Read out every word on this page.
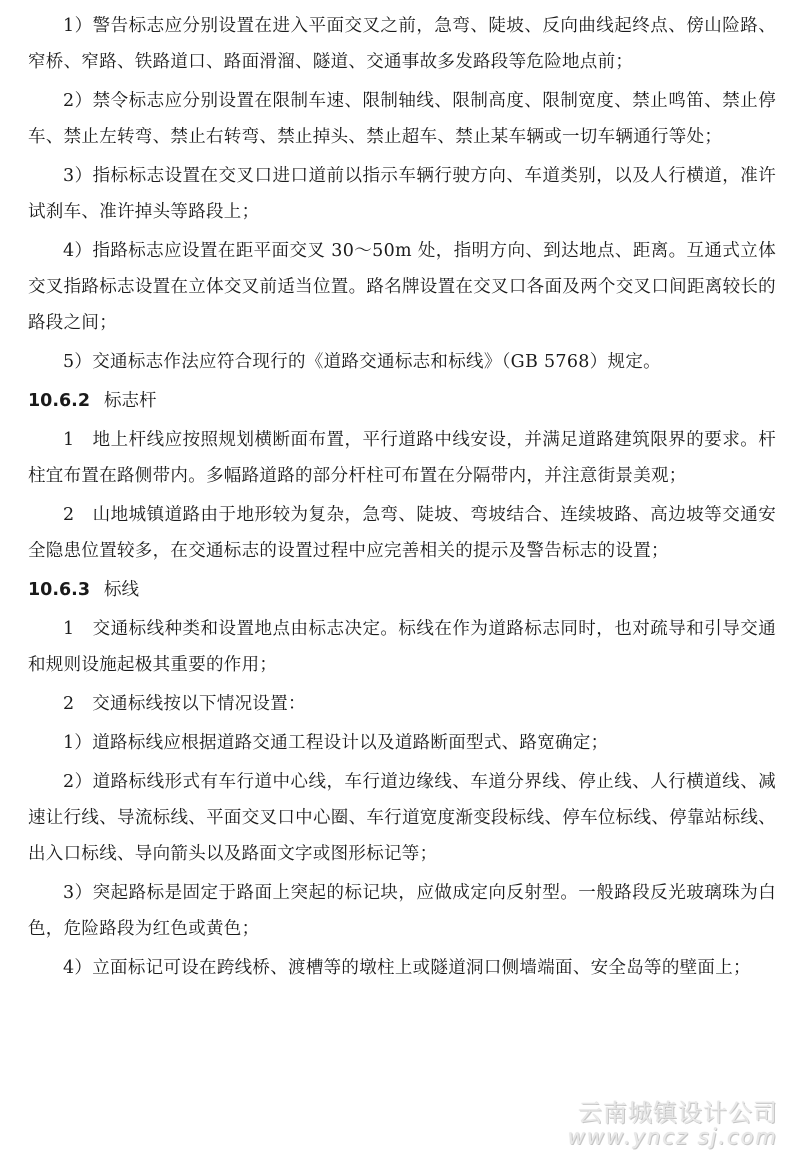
1）警告标志应分别设置在进入平面交叉之前，急弯、陡坡、反向曲线起终点、傍山险路、窄桥、窄路、铁路道口、路面滑溜、隧道、交通事故多发路段等危险地点前；

2）禁令标志应分别设置在限制车速、限制轴线、限制高度、限制宽度、禁止鸣笛、禁止停车、禁止左转弯、禁止右转弯、禁止掉头、禁止超车、禁止某车辆或一切车辆通行等处；

3）指标标志设置在交叉口进口道前以指示车辆行驶方向、车道类别，以及人行横道，准许试刹车、准许掉头等路段上；

4）指路标志应设置在距平面交叉 30～50m 处，指明方向、到达地点、距离。互通式立体交叉指路标志设置在立体交叉前适当位置。路名牌设置在交叉口各面及两个交叉口间距离较长的路段之间；

5）交通标志作法应符合现行的《道路交通标志和标线》（GB 5768）规定。

10.6.2 标志杆

1　地上杆线应按照规划横断面布置，平行道路中线安设，并满足道路建筑限界的要求。杆柱宜布置在路侧带内。多幅路道路的部分杆柱可布置在分隔带内，并注意街景美观；

2　山地城镇道路由于地形较为复杂，急弯、陡坡、弯坡结合、连续坡路、高边坡等交通安全隐患位置较多，在交通标志的设置过程中应完善相关的提示及警告标志的设置；

10.6.3 标线

1　交通标线种类和设置地点由标志决定。标线在作为道路标志同时，也对疏导和引导交通和规则设施起极其重要的作用；

2　交通标线按以下情况设置：

1）道路标线应根据道路交通工程设计以及道路断面型式、路宽确定；

2）道路标线形式有车行道中心线，车行道边缘线、车道分界线、停止线、人行横道线、减速让行线、导流标线、平面交叉口中心圈、车行道宽度渐变段标线、停车位标线、停靠站标线、出入口标线、导向箭头以及路面文字或图形标记等；

3）突起路标是固定于路面上突起的标记块，应做成定向反射型。一般路段反光玻璃珠为白色，危险路段为红色或黄色；

4）立面标记可设在跨线桥、渡槽等的墩柱上或隧道洞口侧墙端面、安全岛等的壁面上；

云南城镇设计公司
www.yncz sj.com
